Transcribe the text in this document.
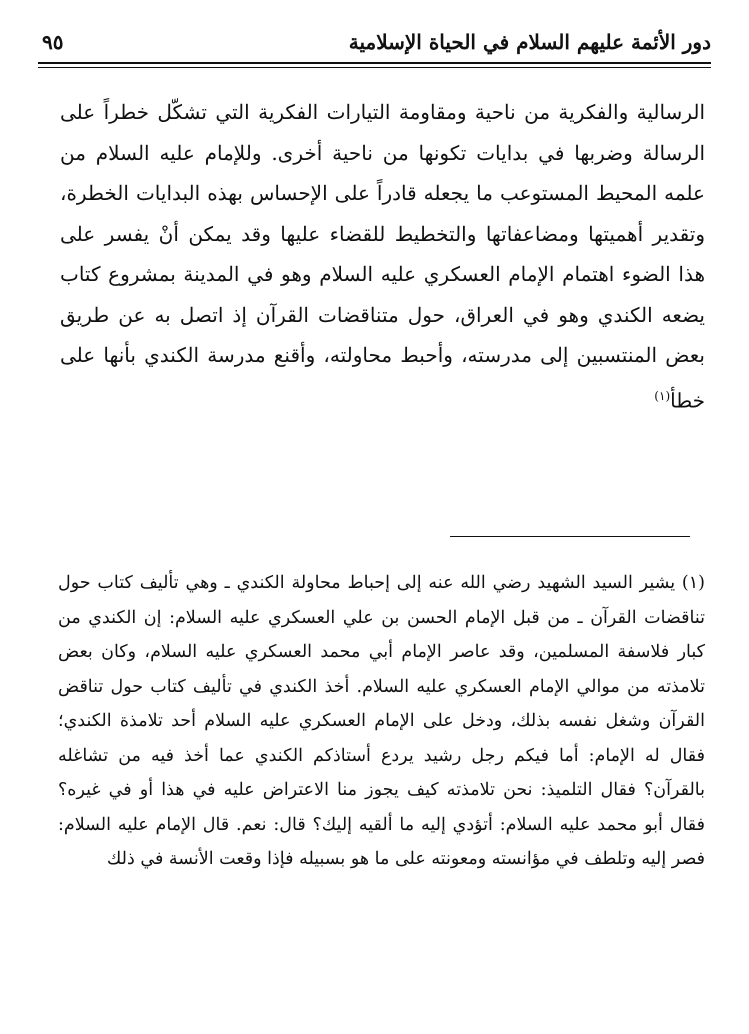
دور الأئمة عليهم السلام في الحياة الإسلامية
٩٥

الرسالية والفكرية من ناحية ومقاومة التيارات الفكرية التي تشكّل خطراً على الرسالة وضربها في بدايات تكونها من ناحية أخرى. وللإمام عليه السلام من علمه المحيط المستوعب ما يجعله قادراً على الإحساس بهذه البدايات الخطرة، وتقدير أهميتها ومضاعفاتها والتخطيط للقضاء عليها وقد يمكن أنْ يفسر على هذا الضوء اهتمام الإمام العسكري عليه السلام وهو في المدينة بمشروع كتاب يضعه الكندي وهو في العراق، حول متناقضات القرآن إذ اتصل به عن طريق بعض المنتسبين إلى مدرسته، وأحبط محاولته، وأقنع مدرسة الكندي بأنها على خطأ$^{(١)}$

(١) يشير السيد الشهيد رضي الله عنه إلى إحباط محاولة الكندي ـ وهي تأليف كتاب حول تناقضات القرآن ـ من قبل الإمام الحسن بن علي العسكري عليه السلام: إن الكندي من كبار فلاسفة المسلمين، وقد عاصر الإمام أبي محمد العسكري عليه السلام، وكان بعض تلامذته من موالي الإمام العسكري عليه السلام. أخذ الكندي في تأليف كتاب حول تناقض القرآن وشغل نفسه بذلك، ودخل على الإمام العسكري عليه السلام أحد تلامذة الكندي؛ فقال له الإمام: أما فيكم رجل رشيد يردع أستاذكم الكندي عما أخذ فيه من تشاغله بالقرآن؟ فقال التلميذ: نحن تلامذته كيف يجوز منا الاعتراض عليه في هذا أو في غيره؟ فقال أبو محمد عليه السلام: أتؤدي إليه ما ألقيه إليك؟ قال: نعم. قال الإمام عليه السلام: فصر إليه وتلطف في مؤانسته ومعونته على ما هو بسبيله فإذا وقعت الأنسة في ذلك
